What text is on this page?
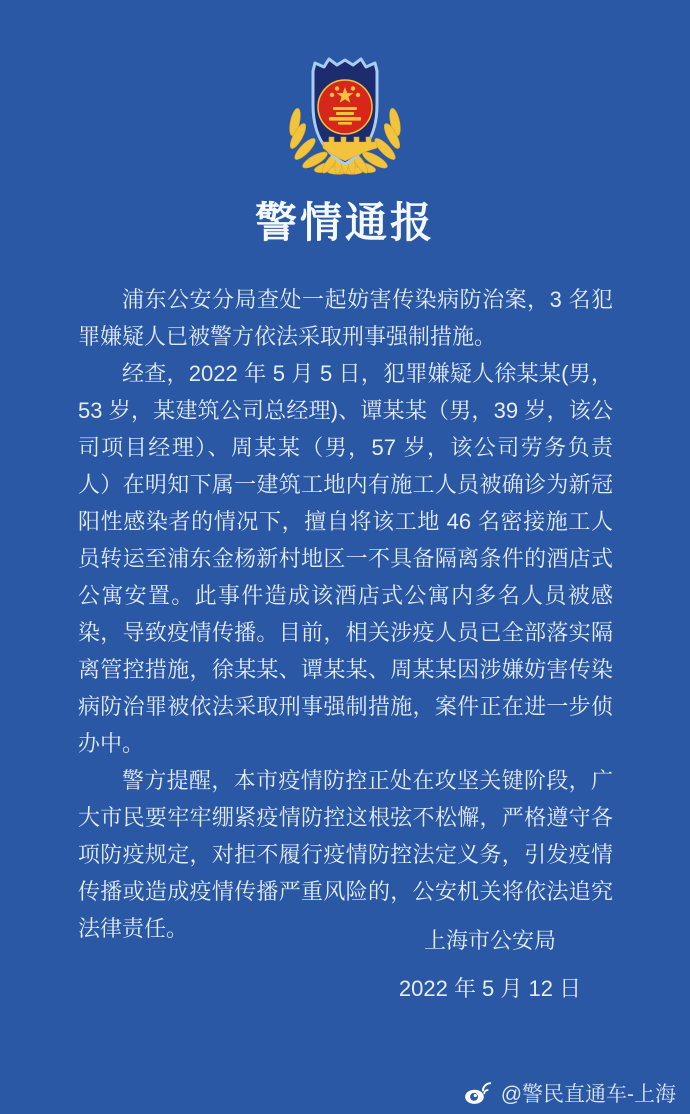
警情通报

浦东公安分局查处一起妨害传染病防治案，3 名犯罪嫌疑人已被警方依法采取刑事强制措施。

经查，2022 年 5 月 5 日，犯罪嫌疑人徐某某(男，53 岁，某建筑公司总经理)、谭某某（男，39 岁，该公司项目经理）、周某某（男，57 岁，该公司劳务负责人）在明知下属一建筑工地内有施工人员被确诊为新冠阳性感染者的情况下，擅自将该工地 46 名密接施工人员转运至浦东金杨新村地区一不具备隔离条件的酒店式公寓安置。此事件造成该酒店式公寓内多名人员被感染，导致疫情传播。目前，相关涉疫人员已全部落实隔离管控措施，徐某某、谭某某、周某某因涉嫌妨害传染病防治罪被依法采取刑事强制措施，案件正在进一步侦办中。

警方提醒，本市疫情防控正处在攻坚关键阶段，广大市民要牢牢绷紧疫情防控这根弦不松懈，严格遵守各项防疫规定，对拒不履行疫情防控法定义务，引发疫情传播或造成疫情传播严重风险的，公安机关将依法追究法律责任。	上海市公安局
2022 年 5 月 12 日
@警民直通车-上海
